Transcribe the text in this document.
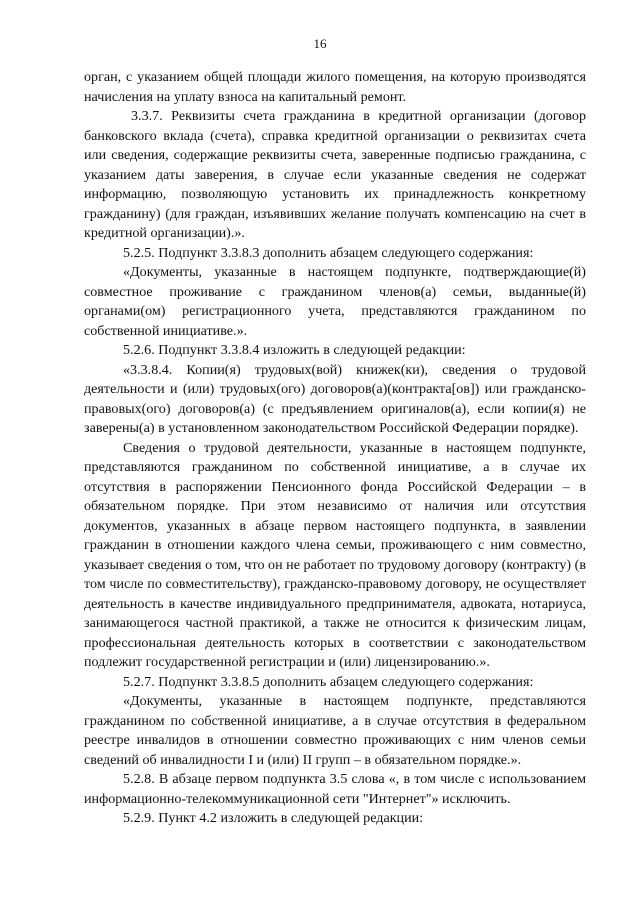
16

орган, с указанием общей площади жилого помещения, на которую производятся начисления на уплату взноса на капитальный ремонт.

3.3.7. Реквизиты счета гражданина в кредитной организации (договор банковского вклада (счета), справка кредитной организации о реквизитах счета или сведения, содержащие реквизиты счета, заверенные подписью гражданина, с указанием даты заверения, в случае если указанные сведения не содержат информацию, позволяющую установить их принадлежность конкретному гражданину) (для граждан, изъявивших желание получать компенсацию на счет в кредитной организации).».

5.2.5. Подпункт 3.3.8.3 дополнить абзацем следующего содержания:

«Документы, указанные в настоящем подпункте, подтверждающие(й) совместное проживание с гражданином членов(а) семьи, выданные(й) органами(ом) регистрационного учета, представляются гражданином по собственной инициативе.».

5.2.6. Подпункт 3.3.8.4 изложить в следующей редакции:

«3.3.8.4. Копии(я) трудовых(вой) книжек(ки), сведения о трудовой деятельности и (или) трудовых(ого) договоров(а)(контракта[ов]) или гражданско-правовых(ого) договоров(а) (с предъявлением оригиналов(а), если копии(я) не заверены(а) в установленном законодательством Российской Федерации порядке).

Сведения о трудовой деятельности, указанные в настоящем подпункте, представляются гражданином по собственной инициативе, а в случае их отсутствия в распоряжении Пенсионного фонда Российской Федерации – в обязательном порядке. При этом независимо от наличия или отсутствия документов, указанных в абзаце первом настоящего подпункта, в заявлении гражданин в отношении каждого члена семьи, проживающего с ним совместно, указывает сведения о том, что он не работает по трудовому договору (контракту) (в том числе по совместительству), гражданско-правовому договору, не осуществляет деятельность в качестве индивидуального предпринимателя, адвоката, нотариуса, занимающегося частной практикой, а также не относится к физическим лицам, профессиональная деятельность которых в соответствии с законодательством подлежит государственной регистрации и (или) лицензированию.».

5.2.7. Подпункт 3.3.8.5 дополнить абзацем следующего содержания:

«Документы, указанные в настоящем подпункте, представляются гражданином по собственной инициативе, а в случае отсутствия в федеральном реестре инвалидов в отношении совместно проживающих с ним членов семьи сведений об инвалидности I и (или) II групп – в обязательном порядке.».

5.2.8. В абзаце первом подпункта 3.5 слова «, в том числе с использованием информационно-телекоммуникационной сети "Интернет"» исключить.

5.2.9. Пункт 4.2 изложить в следующей редакции:
